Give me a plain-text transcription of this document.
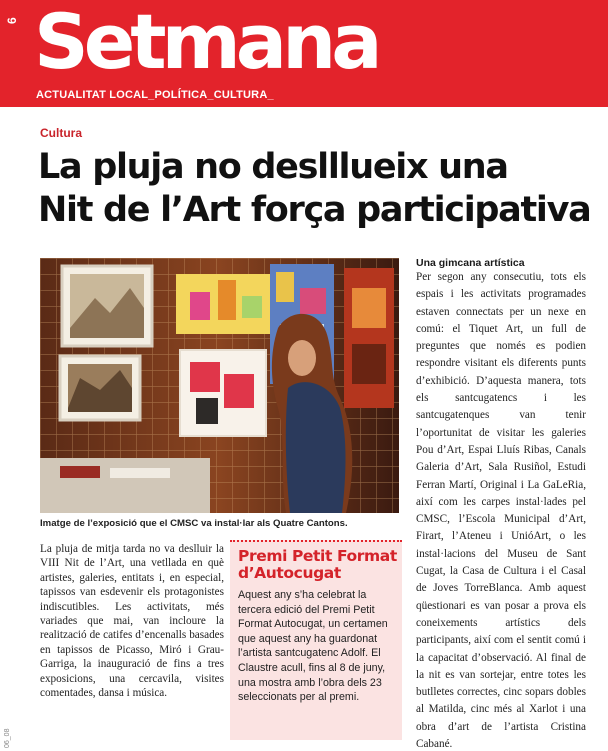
6 Setmana
ACTUALITAT LOCAL_POLÍTICA_CULTURA_
Cultura
La pluja no deslllueix una
Nit de l’Art força participativa
Imatge de l’exposició que el CMSC va instal·lar als Quatre Cantons.
Una gimcana artística

Per segon any consecutiu, tots els espais i les activitats programades estaven connectats per un nexe en comú: el Tiquet Art, un full de preguntes que només es podien respondre visitant els diferents punts d’exhibició. D’aquesta manera, tots els santcugatencs i les santcugatenques van tenir l’oportunitat de visitar les galeries Pou d’Art, Espai Lluís Ribas, Canals Galeria d’Art, Sala Rusiñol, Estudi Ferran Martí, Original i La GaLeRia, així com les carpes instal·lades pel CMSC, l’Escola Municipal d’Art, Firart, l’Ateneu i UnióArt, o les instal·lacions del Museu de Sant Cugat, la Casa de Cultura i el Casal de Joves TorreBlanca. Amb aquest qüestionari es van posar a prova els coneixements artístics dels participants, així com el sentit comú i la capacitat d’observació. Al final de la nit es van sortejar, entre totes les butlletes correctes, cinc sopars dobles al Matilda, cinc més al Xarlot i una obra d’art de l’artista Cristina Cabané.

La pluja de mitja tarda no va deslluir la VIII Nit de l’Art, una vetllada en què artistes, galeries, entitats i, en especial, tapissos van esdevenir els protagonistes indiscutibles. Les activitats, més variades que mai, van incloure la realització de catifes d’encenalls basades en tapissos de Picasso, Miró i Grau-Garriga, la inauguració de fins a tres exposicions, una cercavila, visites comentades, dansa i música.

Premi Petit Format d’Autocugat

Aquest any s’ha celebrat la tercera edició del Premi Petit Format Autocugat, un certamen que aquest any ha guardonat l’artista santcugatenc Adolf. El Claustre acull, fins al 8 de juny, una mostra amb l’obra dels 23 seleccionats per al premi.

06_08
